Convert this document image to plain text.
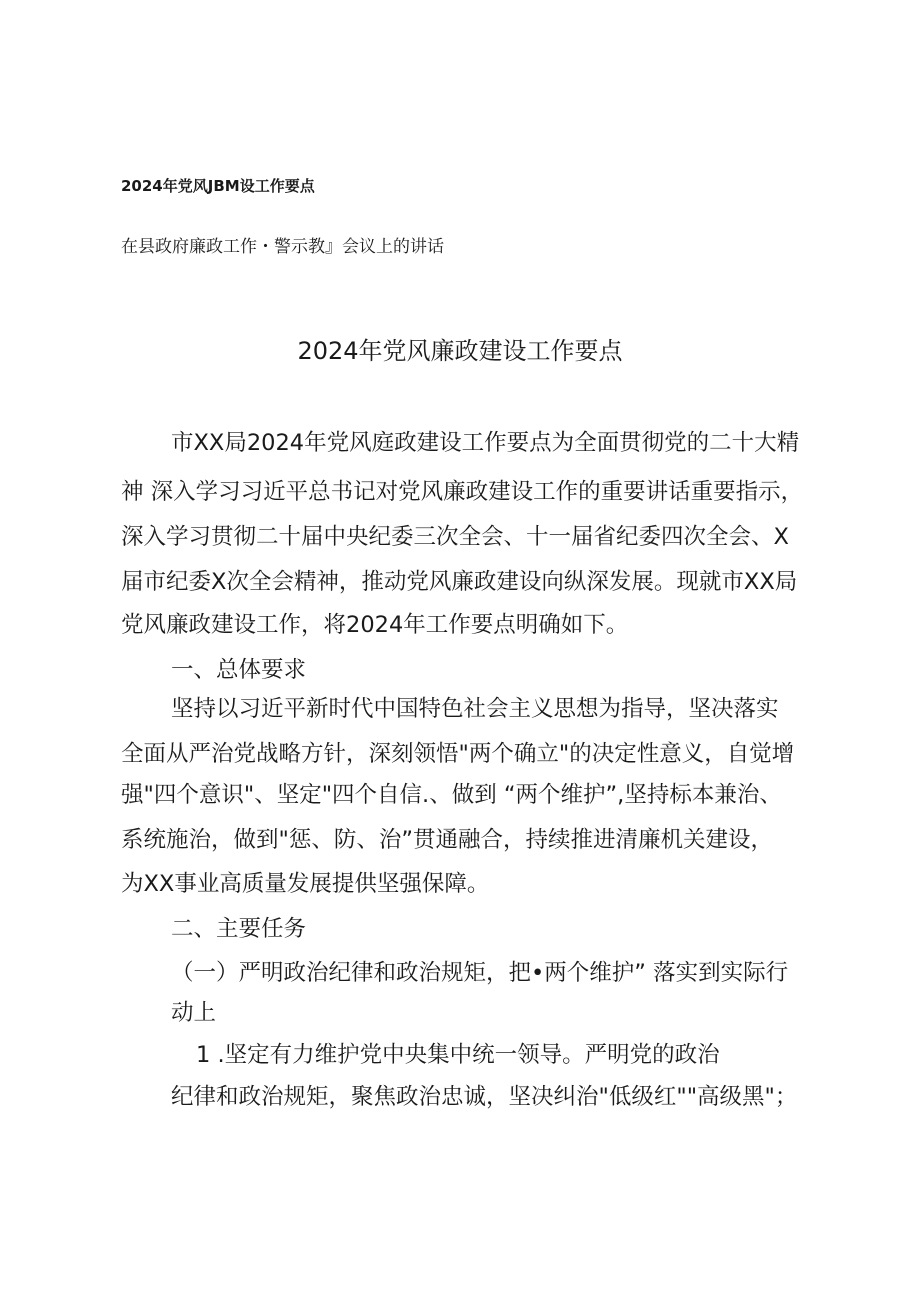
2024年党风JBM设工作要点
在县政府廉政工作・警示教』会议上的讲话
2024年党风廉政建设工作要点
市XX局2024年党风庭政建设工作要点为全面贯彻党的二十大精
神 深入学习习近平总书记对党风廉政建设工作的重要讲话重要指示，
深入学习贯彻二十届中央纪委三次全会、十一届省纪委四次全会、X
届市纪委X次全会精神，推动党风廉政建设向纵深发展。现就市XX局
党风廉政建设工作，将2024年工作要点明确如下。
一、总体要求
坚持以习近平新时代中国特色社会主义思想为指导，坚决落实
全面从严治党战略方针，深刻领悟"两个确立"的决定性意义，自觉增
强"四个意识"、坚定"四个自信.、做到 “两个维护”,坚持标本兼治、
系统施治，做到"惩、防、治”贯通融合，持续推进清廉机关建设，
为XX事业高质量发展提供坚强保障。
二、主要任务
（一）严明政治纪律和政治规矩，把•两个维护” 落实到实际行
动上
1 .坚定有力维护党中央集中统一领导。严明党的政治
纪律和政治规矩，聚焦政治忠诚，坚决纠治"低级红""高级黑"；
